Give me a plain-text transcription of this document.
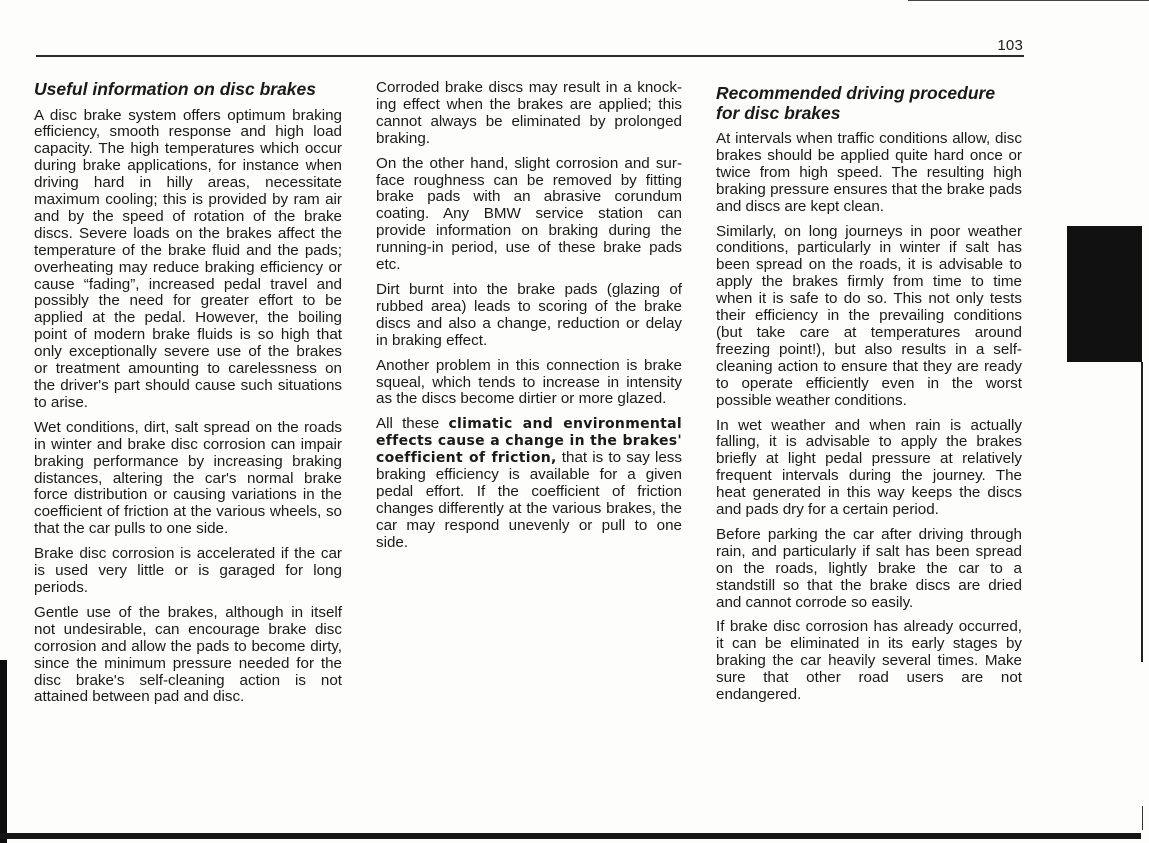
103
Useful information on disc brakes

A disc brake system offers optimum braking efficiency, smooth response and high load capacity. The high temperatures which occur during brake applications, for instance when driving hard in hilly areas, necessitate maximum cooling; this is provided by ram air and by the speed of rotation of the brake discs. Severe loads on the brakes affect the temperature of the brake fluid and the pads; overheating may reduce braking efficiency or cause “fading”, increased pedal travel and possibly the need for greater effort to be applied at the pedal. However, the boiling point of modern brake fluids is so high that only exceptionally severe use of the brakes or treatment amounting to carelessness on the driver's part should cause such situations to arise.

Wet conditions, dirt, salt spread on the roads in winter and brake disc corrosion can impair braking performance by increasing braking distances, altering the car's normal brake force distribution or causing variations in the coefficient of friction at the various wheels, so that the car pulls to one side.

Brake disc corrosion is accelerated if the car is used very little or is garaged for long periods.

Gentle use of the brakes, although in itself not undesirable, can encourage brake disc corrosion and allow the pads to become dirty, since the minimum pressure needed for the disc brake's self-cleaning action is not attained between pad and disc.

Corroded brake discs may result in a knocking effect when the brakes are applied; this cannot always be eliminated by prolonged braking.

On the other hand, slight corrosion and surface roughness can be removed by fitting brake pads with an abrasive corundum coating. Any BMW service station can provide information on braking during the running-in period, use of these brake pads etc.

Dirt burnt into the brake pads (glazing of rubbed area) leads to scoring of the brake discs and also a change, reduction or delay in braking effect.

Another problem in this connection is brake squeal, which tends to increase in intensity as the discs become dirtier or more glazed.

All these climatic and environmental effects cause a change in the brakes' coefficient of friction, that is to say less braking efficiency is available for a given pedal effort. If the coefficient of friction changes differently at the various brakes, the car may respond unevenly or pull to one side.

Recommended driving procedure for disc brakes

At intervals when traffic conditions allow, disc brakes should be applied quite hard once or twice from high speed. The resulting high braking pressure ensures that the brake pads and discs are kept clean.

Similarly, on long journeys in poor weather conditions, particularly in winter if salt has been spread on the roads, it is advisable to apply the brakes firmly from time to time when it is safe to do so. This not only tests their efficiency in the prevailing conditions (but take care at temperatures around freezing point!), but also results in a self-cleaning action to ensure that they are ready to operate efficiently even in the worst possible weather conditions.

In wet weather and when rain is actually falling, it is advisable to apply the brakes briefly at light pedal pressure at relatively frequent intervals during the journey. The heat generated in this way keeps the discs and pads dry for a certain period.

Before parking the car after driving through rain, and particularly if salt has been spread on the roads, lightly brake the car to a standstill so that the brake discs are dried and cannot corrode so easily.

If brake disc corrosion has already occurred, it can be eliminated in its early stages by braking the car heavily several times. Make sure that other road users are not endangered.
